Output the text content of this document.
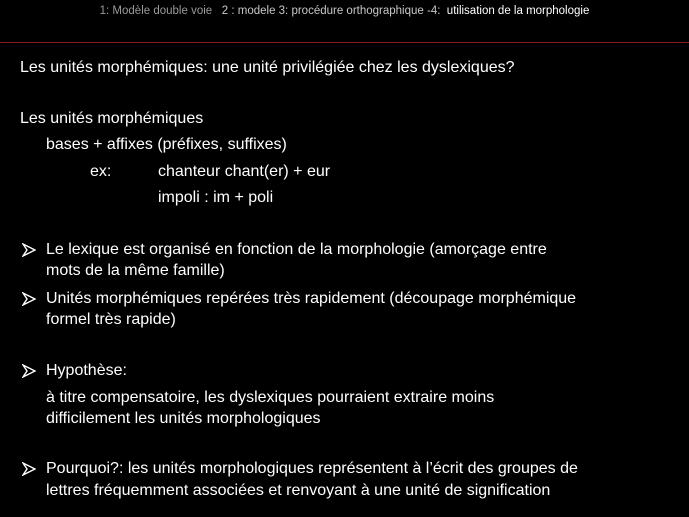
1: Modèle double voie 2 : modele 3: procédure orthographique -4: utilisation de la morphologie
Les unités morphémiques: une unité privilégiée chez les dyslexiques?
Les unités morphémiques
bases + affixes (préfixes, suffixes)
ex:	chanteur chant(er) + eur
impoli : im + poli
Le lexique est organisé en fonction de la morphologie (amorçage entre
mots de la même famille)
Unités morphémiques repérées très rapidement (découpage morphémique
formel très rapide)
Hypothèse:
à titre compensatoire, les dyslexiques pourraient extraire moins
difficilement les unités morphologiques
Pourquoi?: les unités morphologiques représentent à l’écrit des groupes de
lettres fréquemment associées et renvoyant à une unité de signification
